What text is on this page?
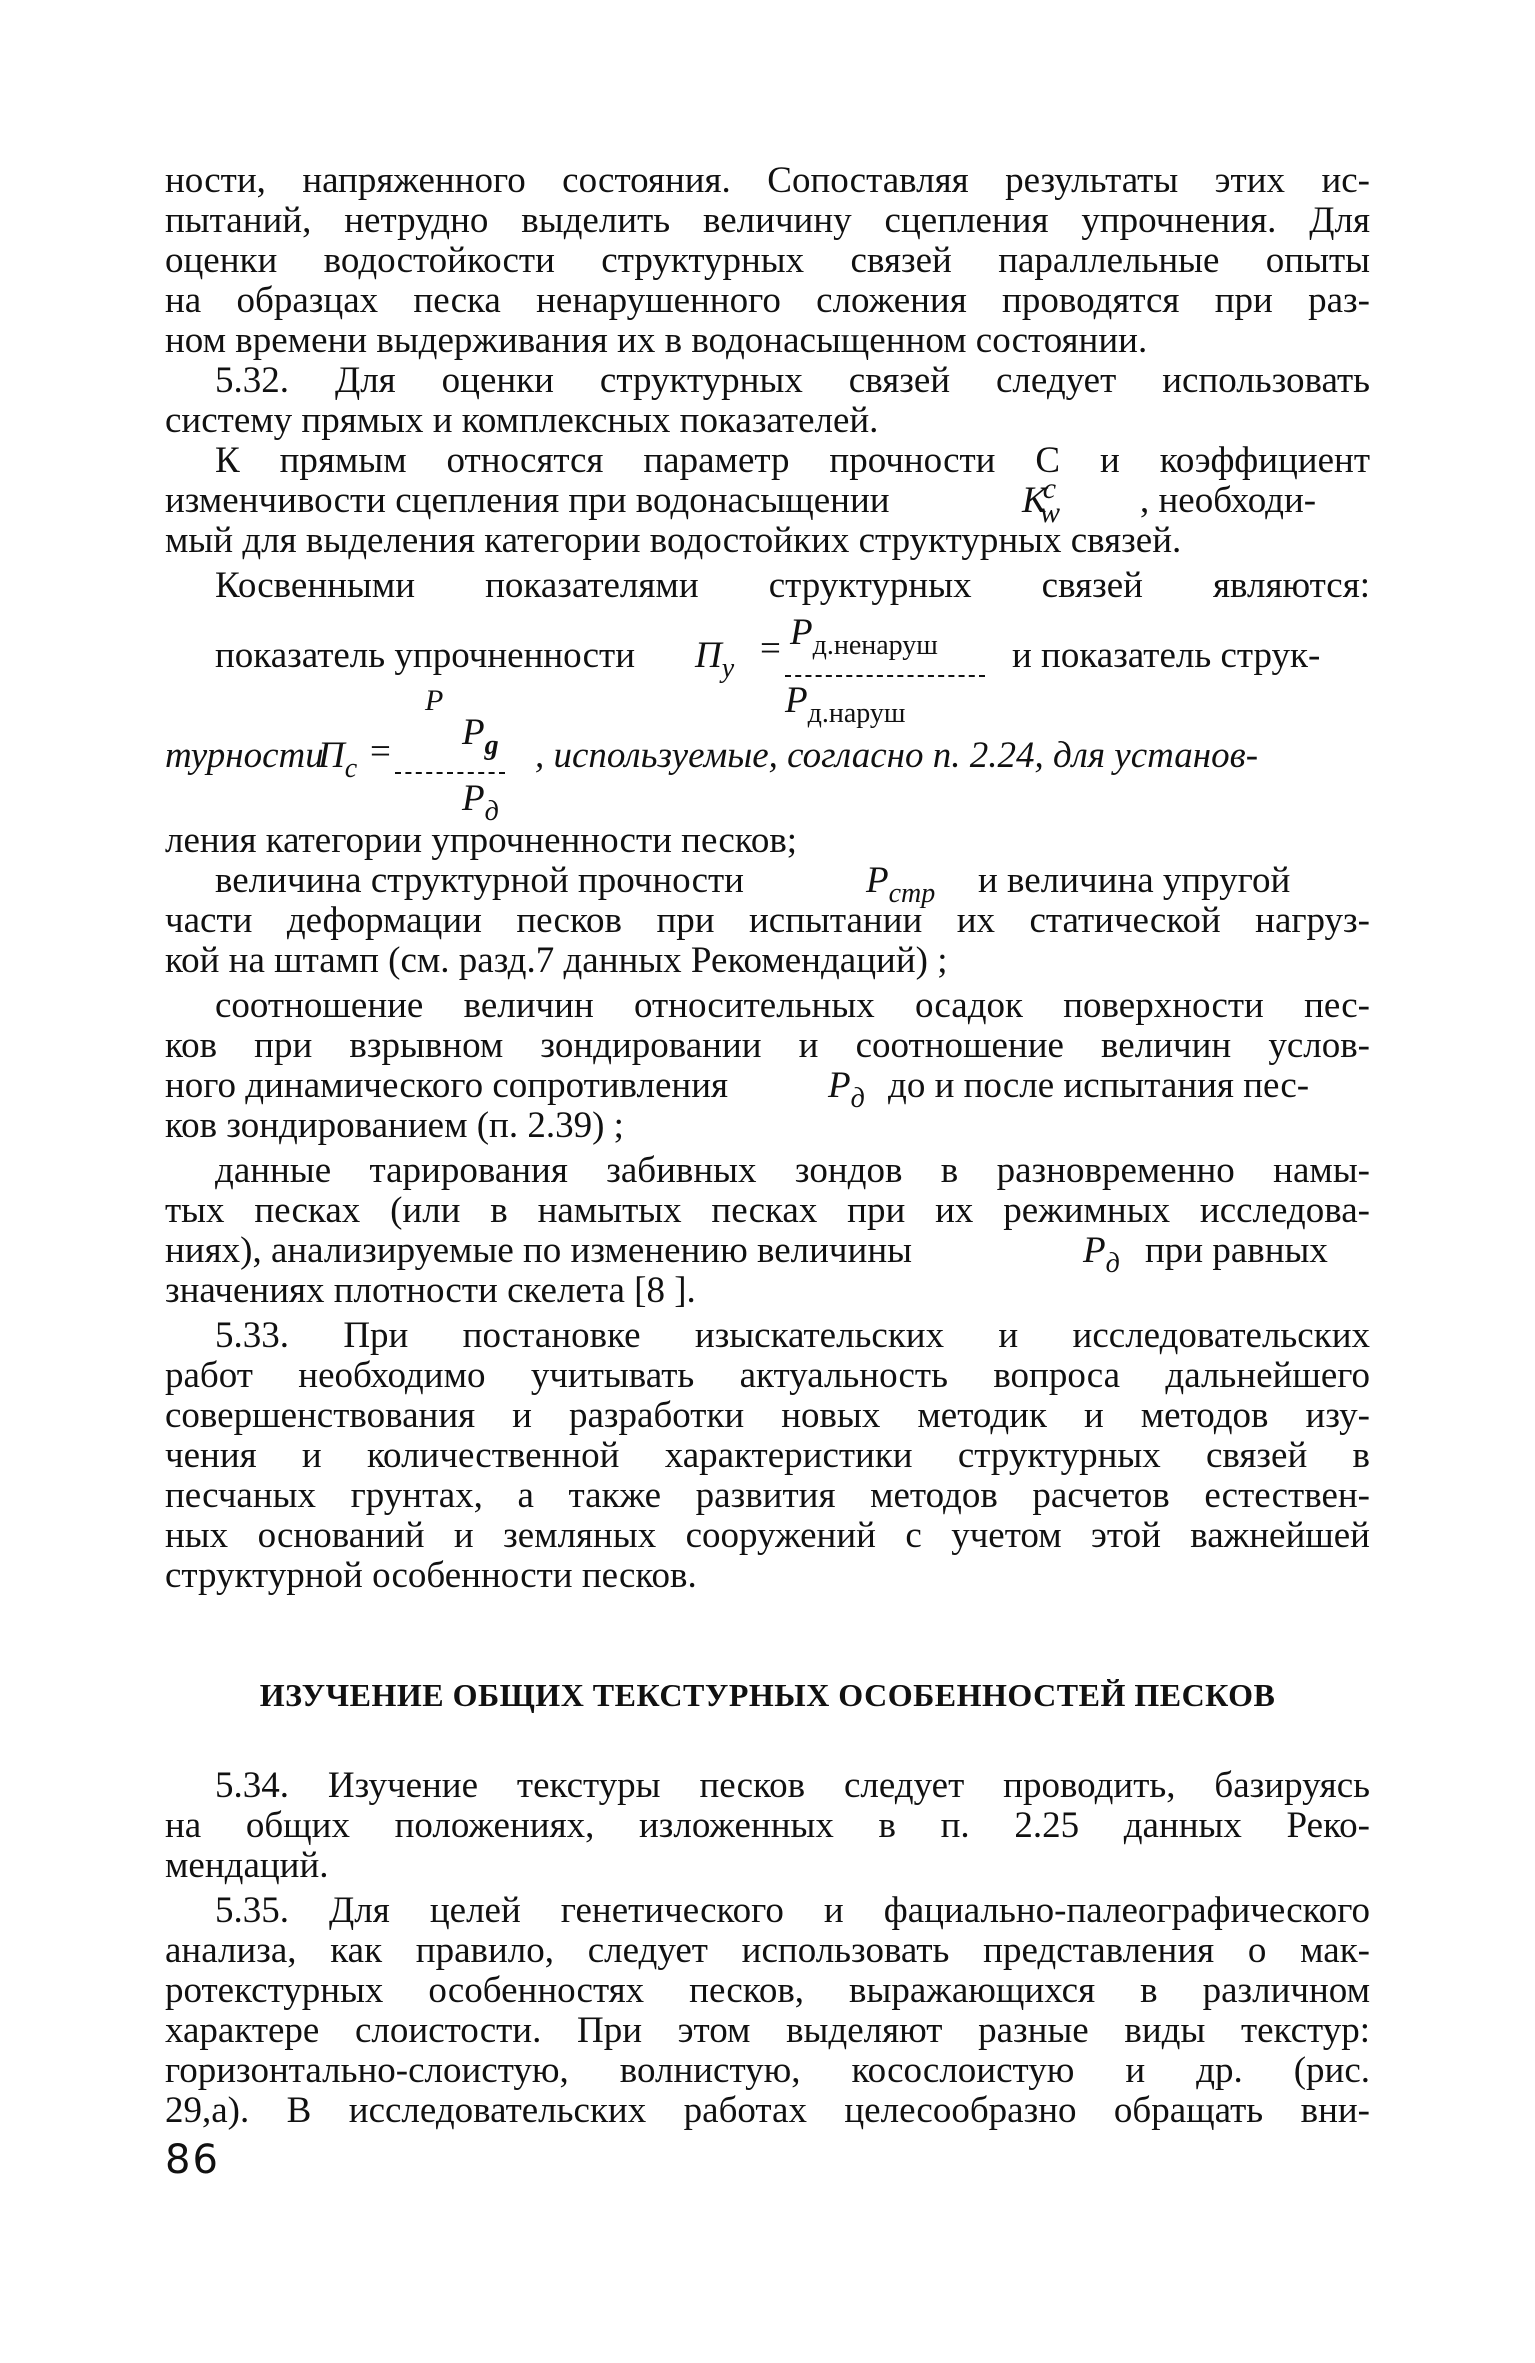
ности, напряженного состояния. Сопоставляя результаты этих ис-
пытаний, нетрудно выделить величину сцепления упрочнения. Для
оценки водостойкости структурных связей параллельные опыты
на образцах песка ненарушенного сложения проводятся при раз-
ном времени выдерживания их в водонасыщенном состоянии.
5.32. Для оценки структурных связей следует использовать
систему прямых и комплексных показателей.
К прямым относятся параметр прочности С и коэффициент
изменчивости сцепления при водонасыщении	$K^с_w$	, необходи-
мый для выделения категории водостойких структурных связей.
Косвенными показателями структурных связей являются:
показатель упрочненности $П_у = P_{д.ненаруш}$
$P_{д.наруш}$
и показатель струк-
турности
$П_с$ =
P
$P_g$
$P_д$
, используемые, согласно п. 2.24, для установ-
ления категории упрочненности песков;
величина структурной прочности	$P_{стр}$ и величина упругой
части деформации песков при испытании их статической нагруз-
кой на штамп (см. разд.7 данных Рекомендаций) ;
соотношение величин относительных осадок поверхности пес-
ков при взрывном зондировании и соотношение величин услов-
ного динамического сопротивления	$P_д$ до и после испытания пес-
ков зондированием (п. 2.39) ;
данные тарирования забивных зондов в разновременно намы-
тых песках (или в намытых песках при их режимных исследова-
ниях), анализируемые по изменению величины	$P_д$ при равных
значениях плотности скелета [8 ].
5.33. При постановке изыскательских и исследовательских
работ необходимо учитывать актуальность вопроса дальнейшего
совершенствования и разработки новых методик и методов изу-
чения и количественной характеристики структурных связей в
песчаных грунтах, а также развития методов расчетов естествен-
ных оснований и земляных сооружений с учетом этой важнейшей
структурной особенности песков.
ИЗУЧЕНИЕ ОБЩИХ ТЕКСТУРНЫХ ОСОБЕННОСТЕЙ ПЕСКОВ
5.34. Изучение текстуры песков следует проводить, базируясь
на общих положениях, изложенных в п. 2.25 данных Реко-
мендаций.
5.35. Для целей генетического и фациально-палеографического
анализа, как правило, следует использовать представления о мак-
ротекстурных особенностях песков, выражающихся в различном
характере слоистости. При этом выделяют разные виды текстур:
горизонтально-слоистую, волнистую, косослоистую и др. (рис.
29,а). В исследовательских работах целесообразно обращать вни-
86
